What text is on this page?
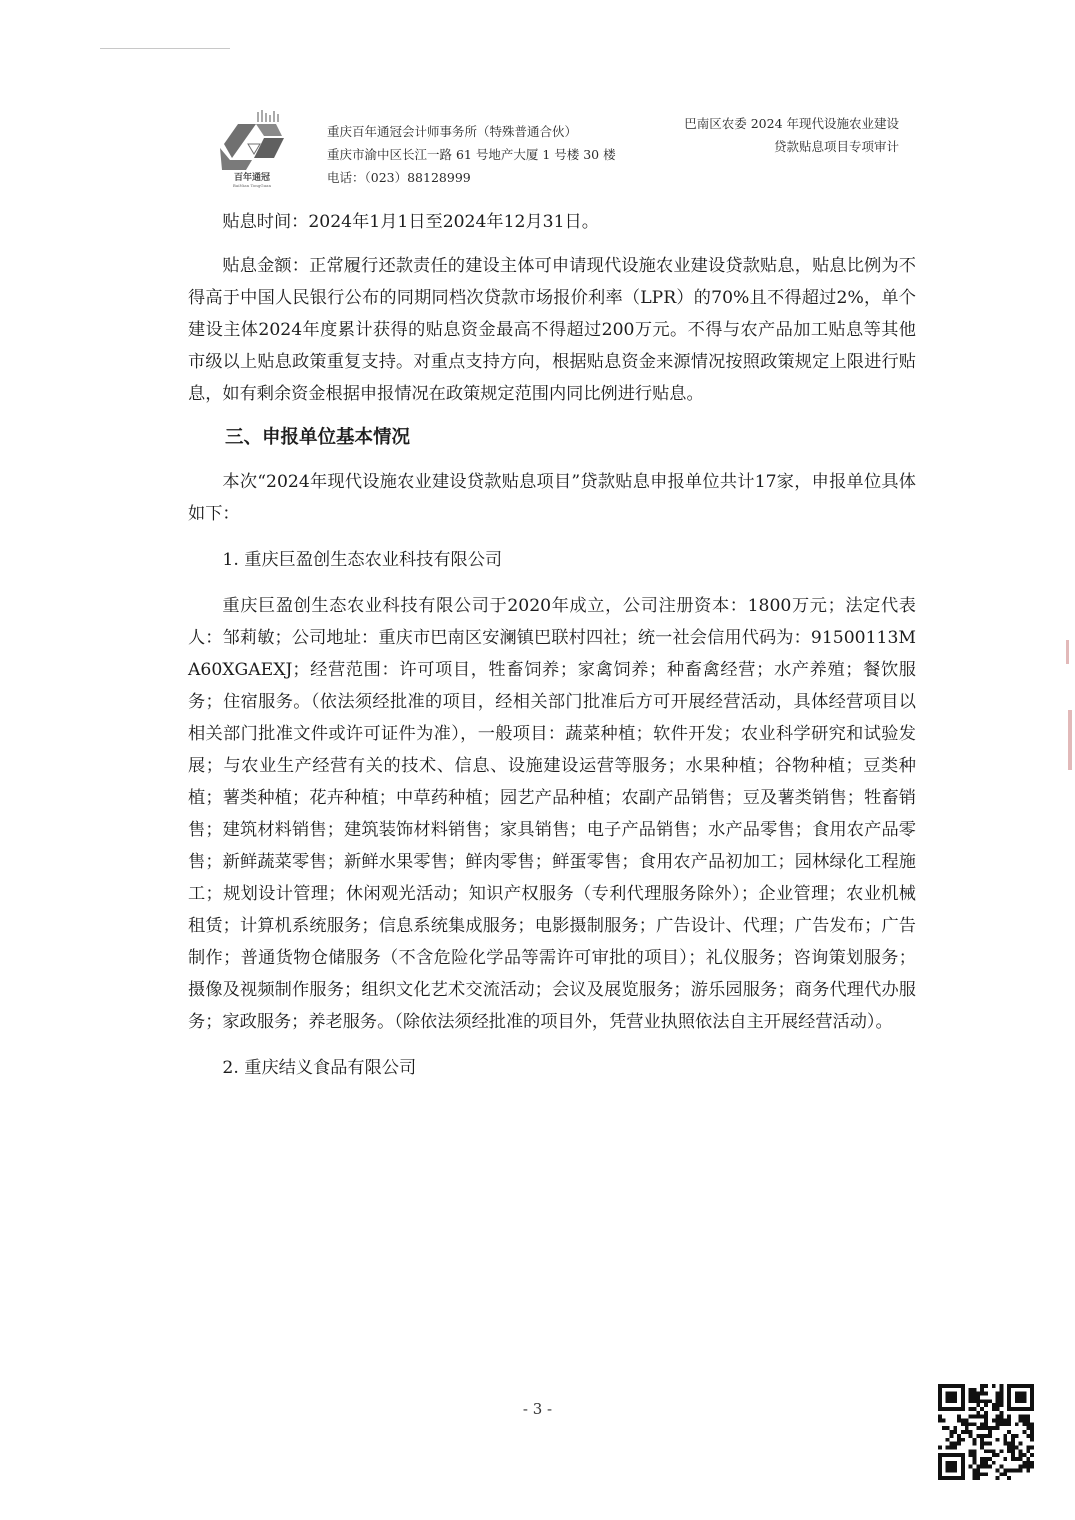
百年通冠
BaiNian TongGuan
重庆百年通冠会计师事务所（特殊普通合伙）
重庆市渝中区长江一路 61 号地产大厦 1 号楼 30 楼
电话：（023）88128999
巴南区农委 2024 年现代设施农业建设
贷款贴息项目专项审计

贴息时间：2024年1月1日至2024年12月31日。

贴息金额：正常履行还款责任的建设主体可申请现代设施农业建设贷款贴息，贴息比例为不得高于中国人民银行公布的同期同档次贷款市场报价利率（LPR）的70%且不得超过2%，单个建设主体2024年度累计获得的贴息资金最高不得超过200万元。不得与农产品加工贴息等其他市级以上贴息政策重复支持。对重点支持方向，根据贴息资金来源情况按照政策规定上限进行贴息，如有剩余资金根据申报情况在政策规定范围内同比例进行贴息。

三、申报单位基本情况

本次“2024年现代设施农业建设贷款贴息项目”贷款贴息申报单位共计17家，申报单位具体如下：

1. 重庆巨盈创生态农业科技有限公司

重庆巨盈创生态农业科技有限公司于2020年成立，公司注册资本：1800万元；法定代表人：邹莉敏；公司地址：重庆市巴南区安澜镇巴联村四社；统一社会信用代码为：91500113MA60XGAEXJ；经营范围：许可项目，牲畜饲养；家禽饲养；种畜禽经营；水产养殖；餐饮服务；住宿服务。（依法须经批准的项目，经相关部门批准后方可开展经营活动，具体经营项目以相关部门批准文件或许可证件为准），一般项目：蔬菜种植；软件开发；农业科学研究和试验发展；与农业生产经营有关的技术、信息、设施建设运营等服务；水果种植；谷物种植；豆类种植；薯类种植；花卉种植；中草药种植；园艺产品种植；农副产品销售；豆及薯类销售；牲畜销售；建筑材料销售；建筑装饰材料销售；家具销售；电子产品销售；水产品零售；食用农产品零售；新鲜蔬菜零售；新鲜水果零售；鲜肉零售；鲜蛋零售；食用农产品初加工；园林绿化工程施工；规划设计管理；休闲观光活动；知识产权服务（专利代理服务除外）；企业管理；农业机械租赁；计算机系统服务；信息系统集成服务；电影摄制服务；广告设计、代理；广告发布；广告制作；普通货物仓储服务（不含危险化学品等需许可审批的项目）；礼仪服务；咨询策划服务；摄像及视频制作服务；组织文化艺术交流活动；会议及展览服务；游乐园服务；商务代理代办服务；家政服务；养老服务。（除依法须经批准的项目外，凭营业执照依法自主开展经营活动）。

2. 重庆结义食品有限公司

- 3 -
